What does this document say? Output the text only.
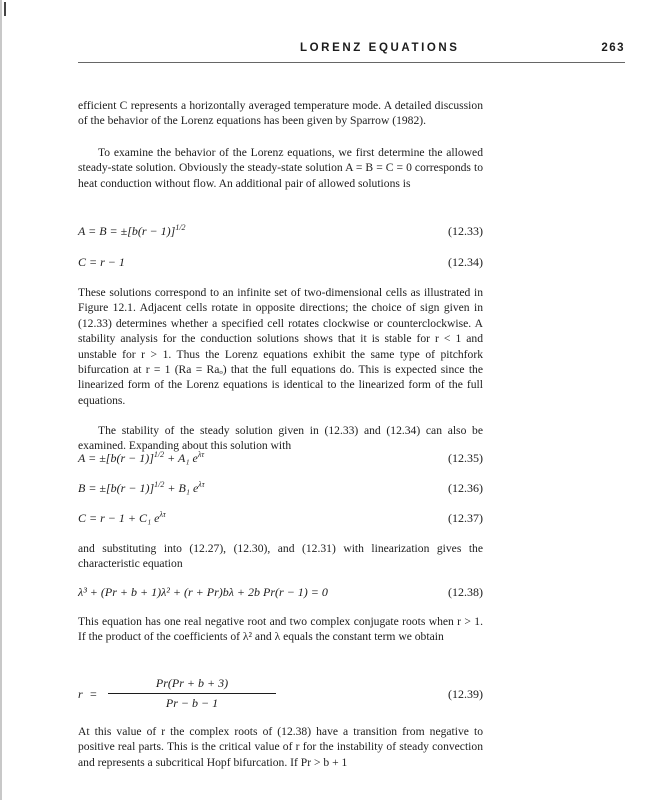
LORENZ EQUATIONS	263
efficient C represents a horizontally averaged temperature mode. A detailed discussion of the behavior of the Lorenz equations has been given by Sparrow (1982).
To examine the behavior of the Lorenz equations, we first determine the allowed steady-state solution. Obviously the steady-state solution A = B = C = 0 corresponds to heat conduction without flow. An additional pair of allowed solutions is
$A = B = \pm[b(r - 1)]^{1/2}$	(12.33)
C = r − 1	(12.34)
These solutions correspond to an infinite set of two-dimensional cells as illustrated in Figure 12.1. Adjacent cells rotate in opposite directions; the choice of sign given in (12.33) determines whether a specified cell rotates clockwise or counterclockwise. A stability analysis for the conduction solutions shows that it is stable for r < 1 and unstable for r > 1. Thus the Lorenz equations exhibit the same type of pitchfork bifurcation at r = 1 (Ra = Raₒ) that the full equations do. This is expected since the linearized form of the Lorenz equations is identical to the linearized form of the full equations.
The stability of the steady solution given in (12.33) and (12.34) can also be examined. Expanding about this solution with
$A = \pm[b(r - 1)]^{1/2} + A_1$ $e^{\lambda\tau}$	(12.35)
$B = \pm[b(r - 1)]^{1/2} + B_1$ $e^{\lambda\tau}$	(12.36)
C = r − 1 + C₁ $e^{\lambda\tau}$	(12.37)
and substituting into (12.27), (12.30), and (12.31) with linearization gives the characteristic equation
λ³ + (Pr + b + 1)λ² + (r + Pr)bλ + 2b Pr(r − 1) = 0	(12.38)
This equation has one real negative root and two complex conjugate roots when r > 1. If the product of the coefficients of λ² and λ equals the constant term we obtain
r =
Pr(Pr + b + 3)
Pr − b − 1
(12.39)
At this value of r the complex roots of (12.38) have a transition from negative to positive real parts. This is the critical value of r for the instability of steady convection and represents a subcritical Hopf bifurcation. If Pr > b + 1
